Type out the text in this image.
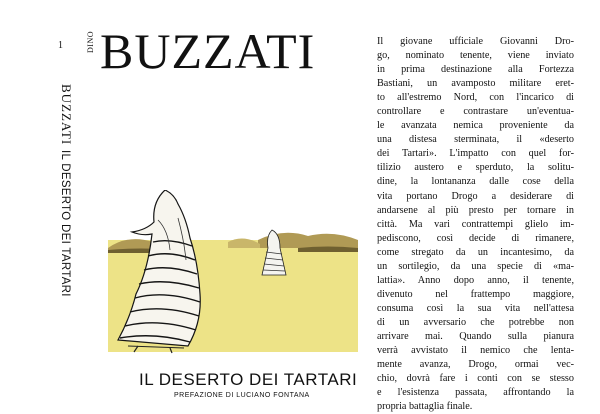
1
BUZZATI
IL DESERTO DEI TARTARI
DINO BUZZATI
IL DESERTO DEI TARTARI
PREFAZIONE DI LUCIANO FONTANA
Il giovane ufficiale Giovanni Dro-
go, nominato tenente, viene inviato
in prima destinazione alla Fortezza
Bastiani, un avamposto militare eret-
to all'estremo Nord, con l'incarico di
controllare e contrastare un'eventua-
le avanzata nemica proveniente da
una distesa sterminata, il «deserto
dei Tartari». L'impatto con quel for-
tilizio austero e sperduto, la solitu-
dine, la lontananza dalle cose della
vita portano Drogo a desiderare di
andarsene al più presto per tornare in
città. Ma vari contrattempi glielo im-
pediscono, così decide di rimanere,
come stregato da un incantesimo, da
un sortilegio, da una specie di «ma-
lattia». Anno dopo anno, il tenente,
divenuto nel frattempo maggiore,
consuma così la sua vita nell'attesa
di un avversario che potrebbe non
arrivare mai. Quando sulla pianura
verrà avvistato il nemico che lenta-
mente avanza, Drogo, ormai vec-
chio, dovrà fare i conti con se stesso
e l'esistenza passata, affrontando la
propria battaglia finale.
